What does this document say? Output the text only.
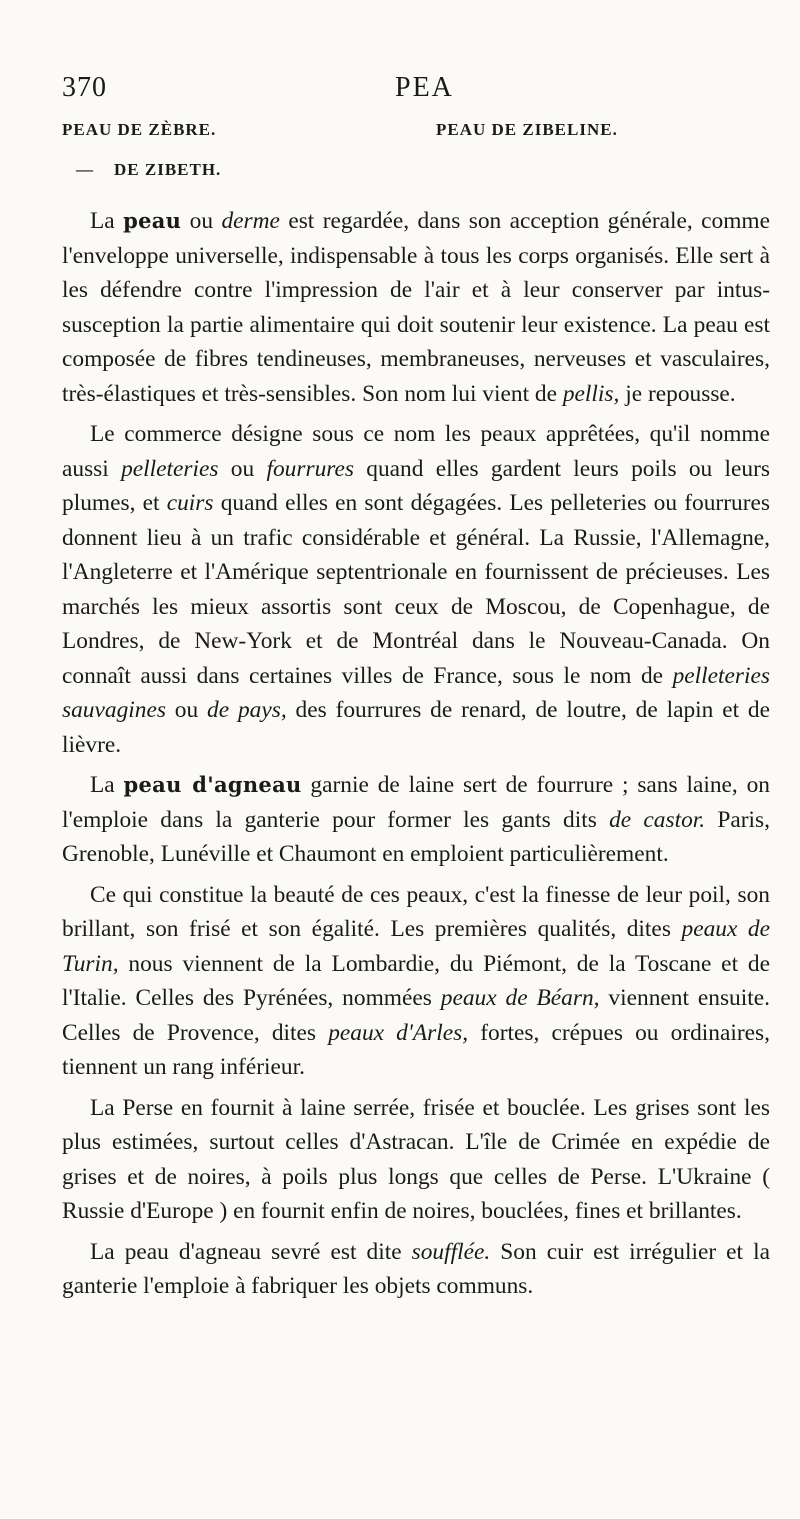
370	PEA
PEAU DE ZÈBRE.	PEAU DE ZIBELINE.
— DE ZIBETH.

La peau ou derme est regardée, dans son acception générale, comme l'enveloppe universelle, indispensable à tous les corps organisés. Elle sert à les défendre contre l'impression de l'air et à leur conserver par intus-susception la partie alimentaire qui doit soutenir leur existence. La peau est composée de fibres tendineuses, membraneuses, nerveuses et vasculaires, très-élastiques et très-sensibles. Son nom lui vient de pellis, je repousse.

Le commerce désigne sous ce nom les peaux apprêtées, qu'il nomme aussi pelleteries ou fourrures quand elles gardent leurs poils ou leurs plumes, et cuirs quand elles en sont dégagées. Les pelleteries ou fourrures donnent lieu à un trafic considérable et général. La Russie, l'Allemagne, l'Angleterre et l'Amérique septentrionale en fournissent de précieuses. Les marchés les mieux assortis sont ceux de Moscou, de Copenhague, de Londres, de New-York et de Montréal dans le Nouveau-Canada. On connaît aussi dans certaines villes de France, sous le nom de pelleteries sauvagines ou de pays, des fourrures de renard, de loutre, de lapin et de lièvre.

La peau d'agneau garnie de laine sert de fourrure ; sans laine, on l'emploie dans la ganterie pour former les gants dits de castor. Paris, Grenoble, Lunéville et Chaumont en emploient particulièrement.

Ce qui constitue la beauté de ces peaux, c'est la finesse de leur poil, son brillant, son frisé et son égalité. Les premières qualités, dites peaux de Turin, nous viennent de la Lombardie, du Piémont, de la Toscane et de l'Italie. Celles des Pyrénées, nommées peaux de Béarn, viennent ensuite. Celles de Provence, dites peaux d'Arles, fortes, crépues ou ordinaires, tiennent un rang inférieur.

La Perse en fournit à laine serrée, frisée et bouclée. Les grises sont les plus estimées, surtout celles d'Astracan. L'île de Crimée en expédie de grises et de noires, à poils plus longs que celles de Perse. L'Ukraine ( Russie d'Europe ) en fournit enfin de noires, bouclées, fines et brillantes.

La peau d'agneau sevré est dite soufflée. Son cuir est irrégulier et la ganterie l'emploie à fabriquer les objets communs.
